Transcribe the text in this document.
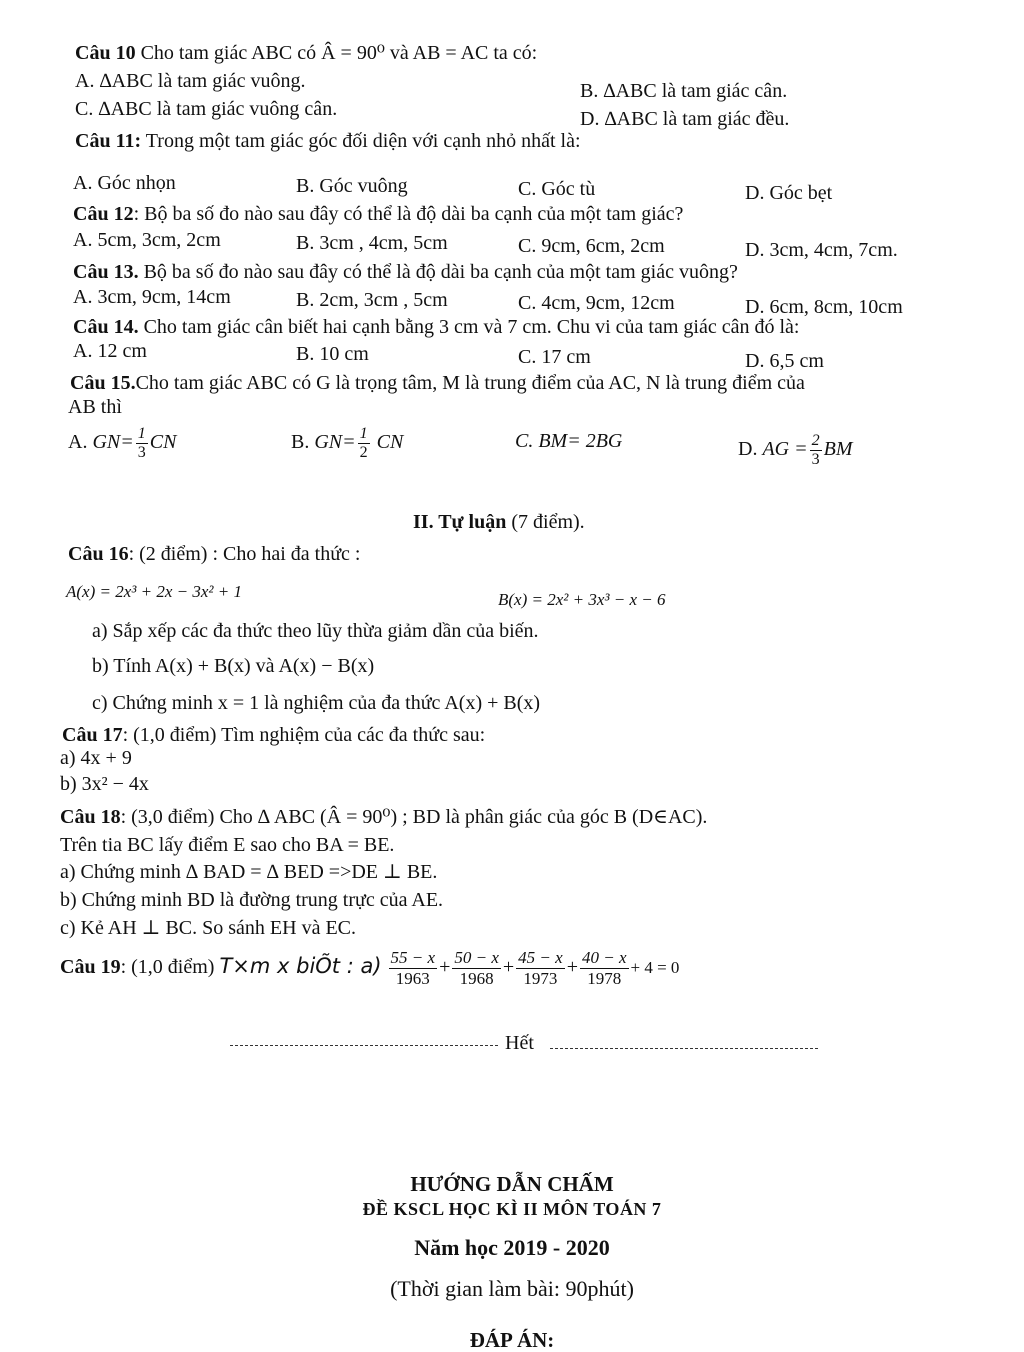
Câu 10 Cho tam giác ABC có Â = 90⁰ và AB = AC ta có:
A. ∆ABC là tam giác vuông.	B. ∆ABC là tam giác cân.
C. ∆ABC là tam giác vuông cân.	D. ∆ABC là tam giác đều.
Câu 11: Trong một tam giác góc đối diện với cạnh nhỏ nhất là:
A. Góc nhọn	B. Góc vuông	C. Góc tù	D. Góc bẹt
Câu 12: Bộ ba số đo nào sau đây có thể là độ dài ba cạnh của một tam giác?
A. 5cm, 3cm, 2cm	B. 3cm , 4cm, 5cm	C. 9cm, 6cm, 2cm	D. 3cm, 4cm, 7cm.
Câu 13. Bộ ba số đo nào sau đây có thể là độ dài ba cạnh của một tam giác vuông?
A. 3cm, 9cm, 14cm	B. 2cm, 3cm , 5cm	C. 4cm, 9cm, 12cm	D. 6cm, 8cm, 10cm
Câu 14. Cho tam giác cân biết hai cạnh bằng 3 cm và 7 cm. Chu vi của tam giác cân đó là:
A. 12 cm	B. 10 cm	C. 17 cm	D. 6,5 cm
Câu 15.Cho tam giác ABC có G là trọng tâm, M là trung điểm của AC, N là trung điểm của
AB thì
A. $GN= \frac{1}{3}$ CN	B. $GN= \frac{1}{2}$ CN	C. BM= 2BG	D. AG = $\frac{2}{3}$ BM
II. Tự luận (7 điểm).
Câu 16: (2 điểm) : Cho hai đa thức :
A(x) = 2x³ + 2x − 3x² + 1	B(x) = 2x² + 3x³ − x − 6
a) Sắp xếp các đa thức theo lũy thừa giảm dần của biến.
b) Tính A(x) + B(x) và A(x) − B(x)
c) Chứng minh x = 1 là nghiệm của đa thức A(x) + B(x)
Câu 17: (1,0 điểm) Tìm nghiệm của các đa thức sau:
a) 4x + 9
b) 3x² − 4x
Câu 18: (3,0 điểm) Cho ∆ ABC (Â = 90⁰) ; BD là phân giác của góc B (D∈AC).
Trên tia BC lấy điểm E sao cho BA = BE.
a) Chứng minh ∆ BAD = ∆ BED =>DE ⊥ BE.
b) Chứng minh BD là đường trung trực của AE.
c) Kẻ AH ⊥ BC. So sánh EH và EC.
Câu 19: (1,0 điểm) T×m x biÕt : $a) \frac{55 - x}{1963} + \frac{50 - x}{1968} + \frac{45 - x}{1973} + \frac{40 - x}{1978} + 4 = 0$
Hết
HƯỚNG DẪN CHẤM
ĐỀ KSCL HỌC KÌ II MÔN TOÁN 7
Năm học 2019 - 2020
(Thời gian làm bài: 90phút)
ĐÁP ÁN:
